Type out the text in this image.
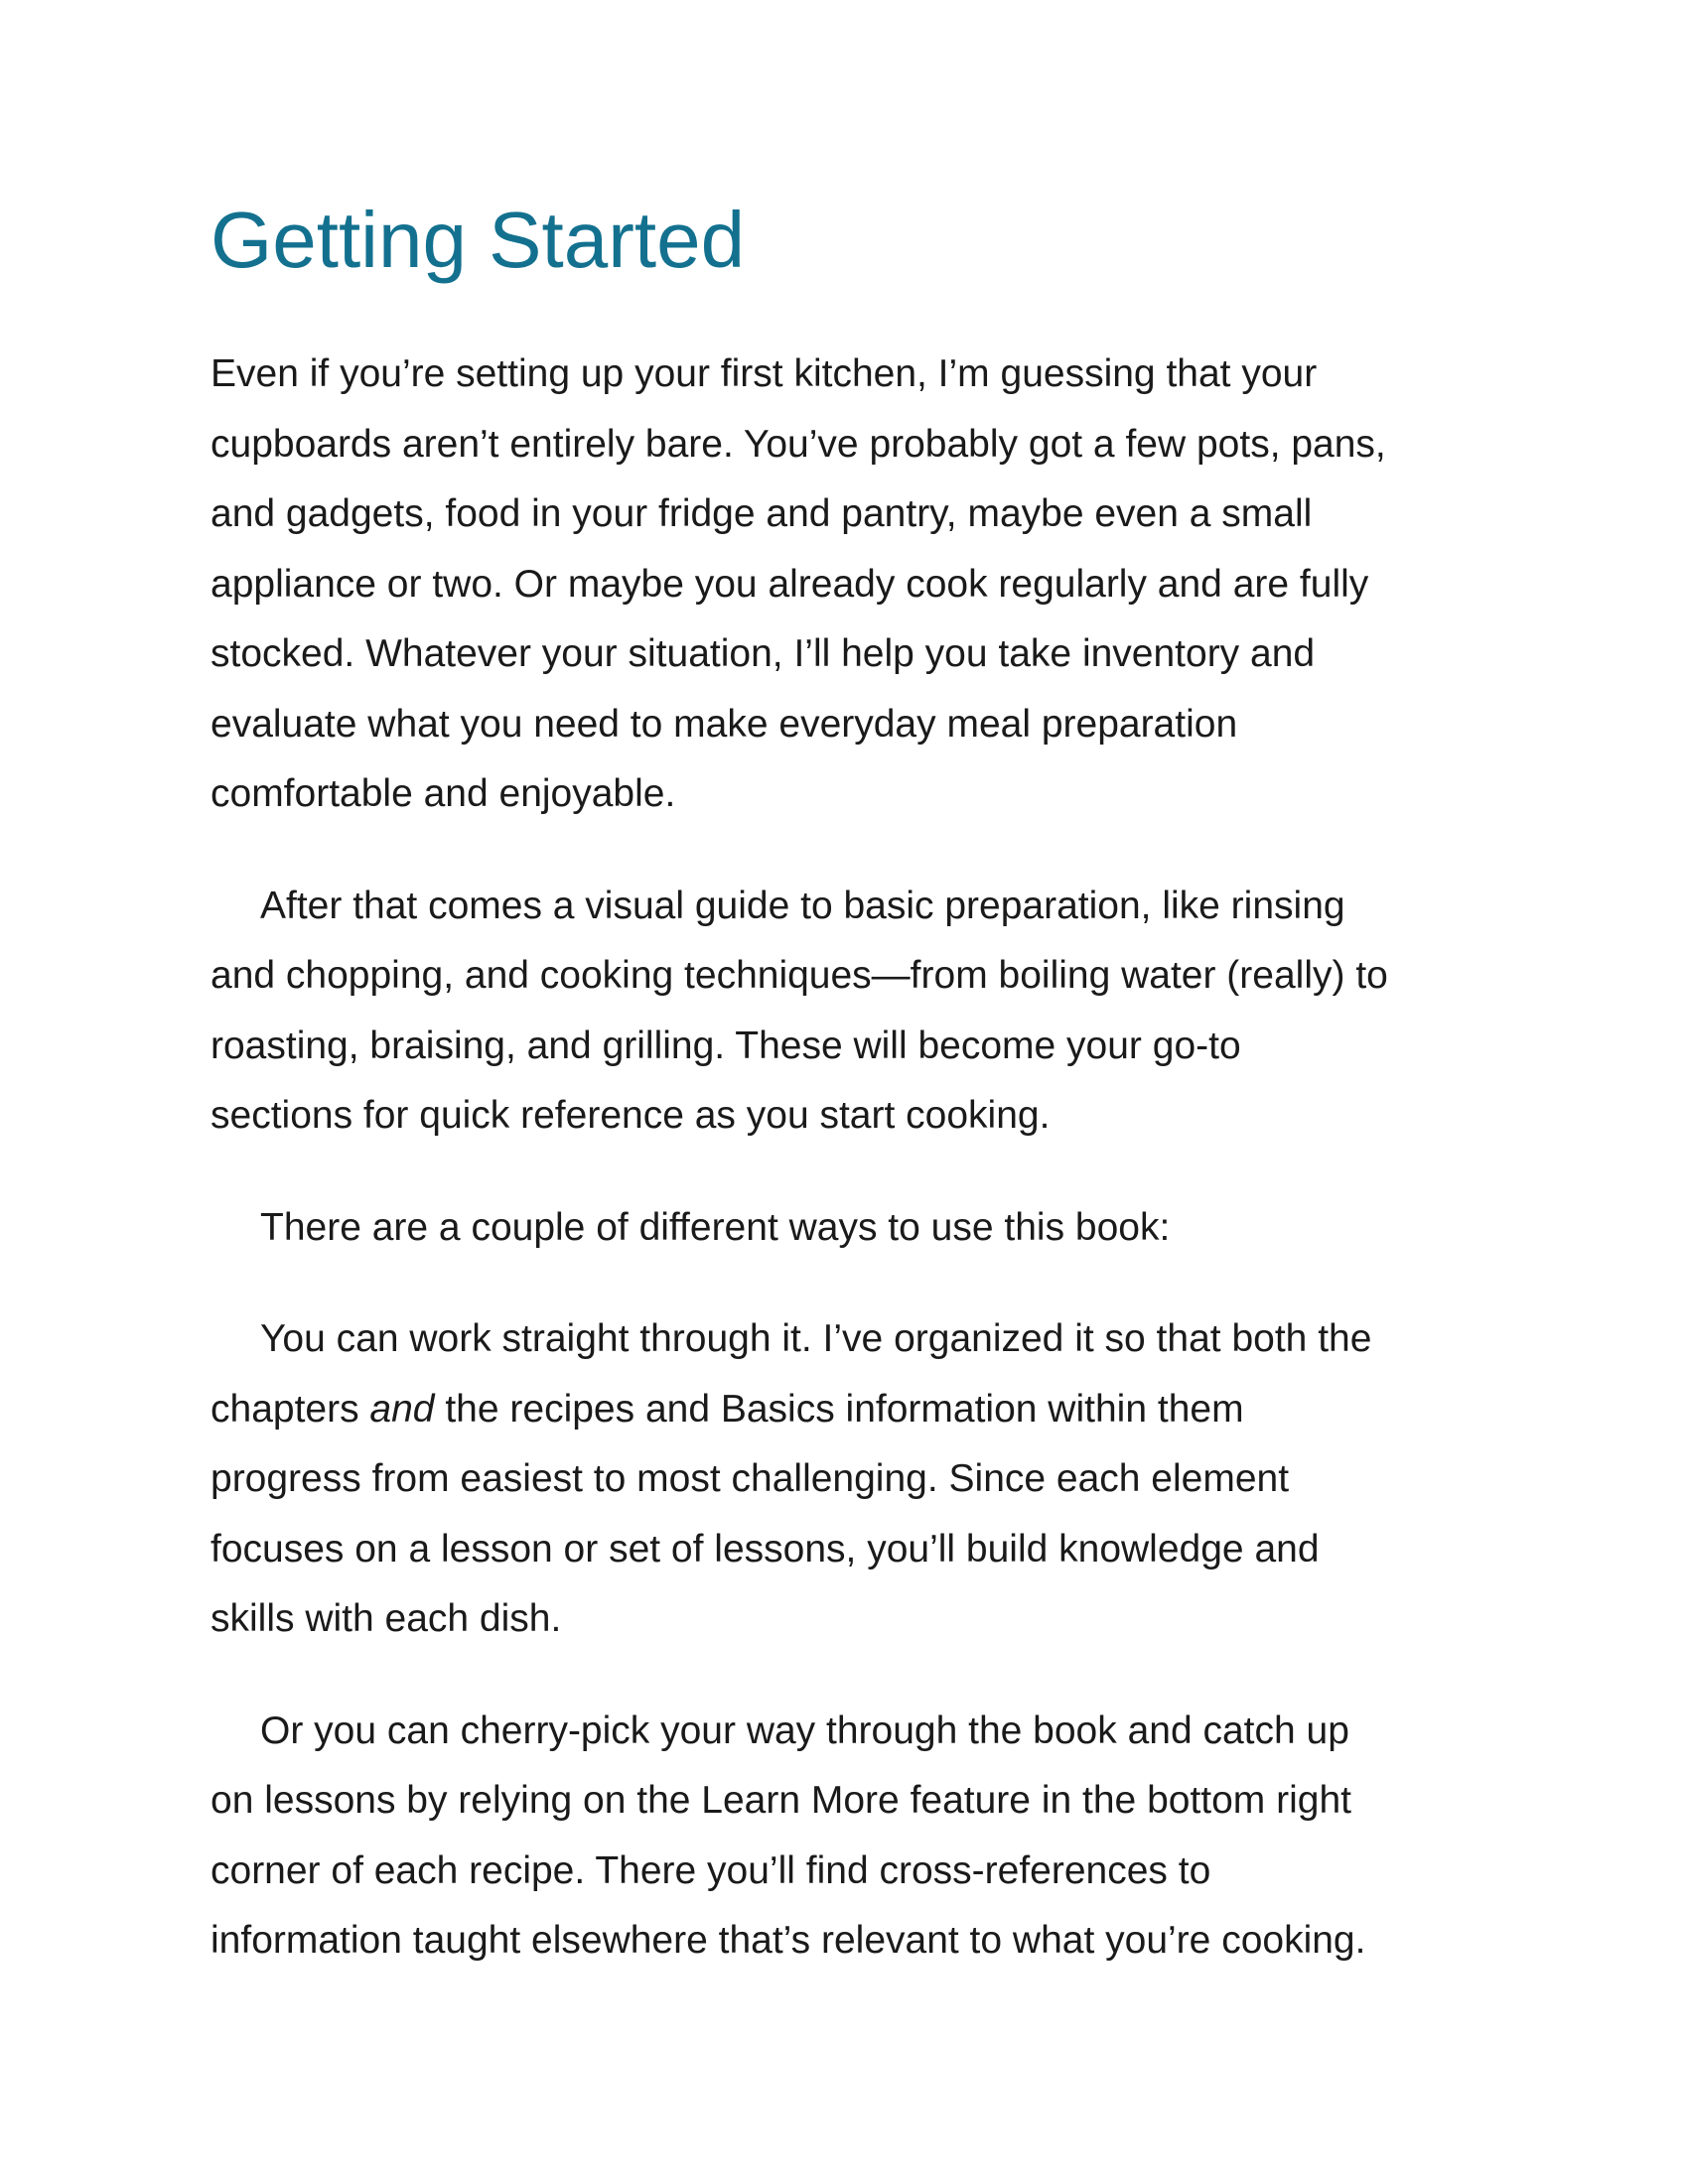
Getting Started

Even if you’re setting up your first kitchen, I’m guessing that your
cupboards aren’t entirely bare. You’ve probably got a few pots, pans,
and gadgets, food in your fridge and pantry, maybe even a small
appliance or two. Or maybe you already cook regularly and are fully
stocked. Whatever your situation, I’ll help you take inventory and
evaluate what you need to make everyday meal preparation
comfortable and enjoyable.

After that comes a visual guide to basic preparation, like rinsing
and chopping, and cooking techniques—from boiling water (really) to
roasting, braising, and grilling. These will become your go-to
sections for quick reference as you start cooking.

There are a couple of different ways to use this book:

You can work straight through it. I’ve organized it so that both the
chapters and the recipes and Basics information within them
progress from easiest to most challenging. Since each element
focuses on a lesson or set of lessons, you’ll build knowledge and
skills with each dish.

Or you can cherry-pick your way through the book and catch up
on lessons by relying on the Learn More feature in the bottom right
corner of each recipe. There you’ll find cross-references to
information taught elsewhere that’s relevant to what you’re cooking.
